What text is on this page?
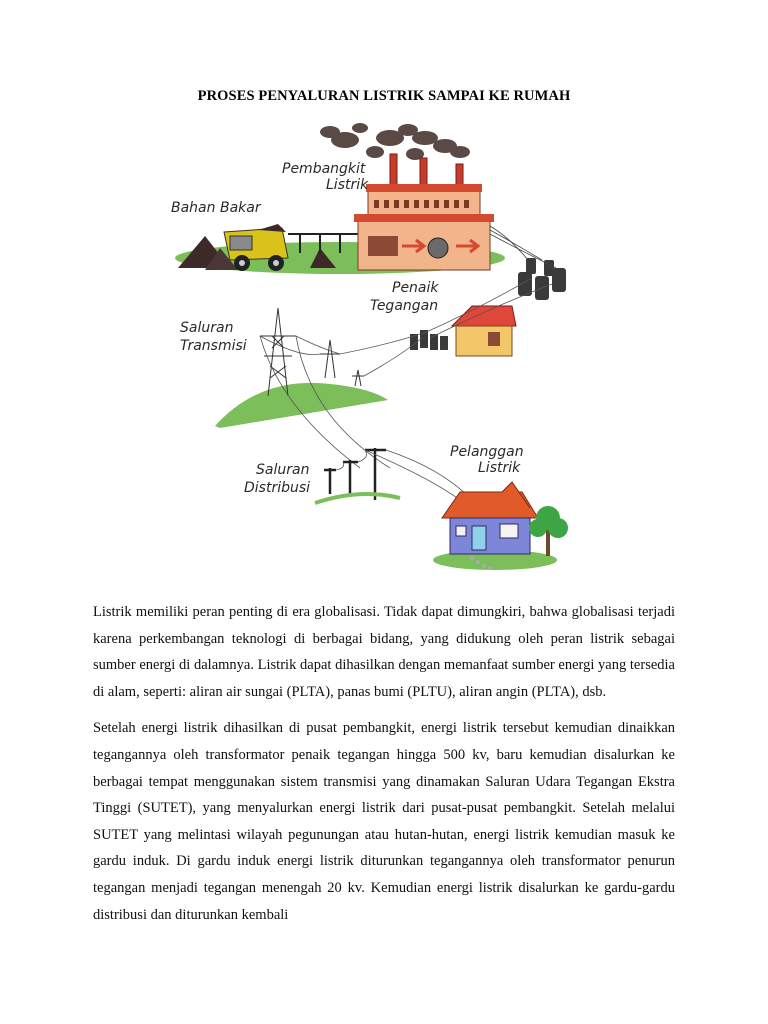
PROSES PENYALURAN LISTRIK SAMPAI KE RUMAH
Pembangkit
Listrik
Bahan Bakar
Penaik
Tegangan
Saluran
Transmisi
Pelanggan
Listrik
Saluran
Distribusi

Listrik memiliki peran penting di era globalisasi. Tidak dapat dimungkiri, bahwa globalisasi terjadi karena perkembangan teknologi di berbagai bidang, yang didukung oleh peran listrik sebagai sumber energi di dalamnya. Listrik dapat dihasilkan dengan memanfaat sumber energi yang tersedia di alam, seperti: aliran air sungai (PLTA), panas bumi (PLTU), aliran angin (PLTA), dsb.

Setelah energi listrik dihasilkan di pusat pembangkit, energi listrik tersebut kemudian dinaikkan tegangannya oleh transformator penaik tegangan hingga 500 kv, baru kemudian disalurkan ke berbagai tempat menggunakan sistem transmisi yang dinamakan Saluran Udara Tegangan Ekstra Tinggi (SUTET), yang menyalurkan energi listrik dari pusat-pusat pembangkit. Setelah melalui SUTET yang melintasi wilayah pegunungan atau hutan-hutan, energi listrik kemudian masuk ke gardu induk. Di gardu induk energi listrik diturunkan tegangannya oleh transformator penurun tegangan menjadi tegangan menengah 20 kv. Kemudian energi listrik disalurkan ke gardu-gardu distribusi dan diturunkan kembali
